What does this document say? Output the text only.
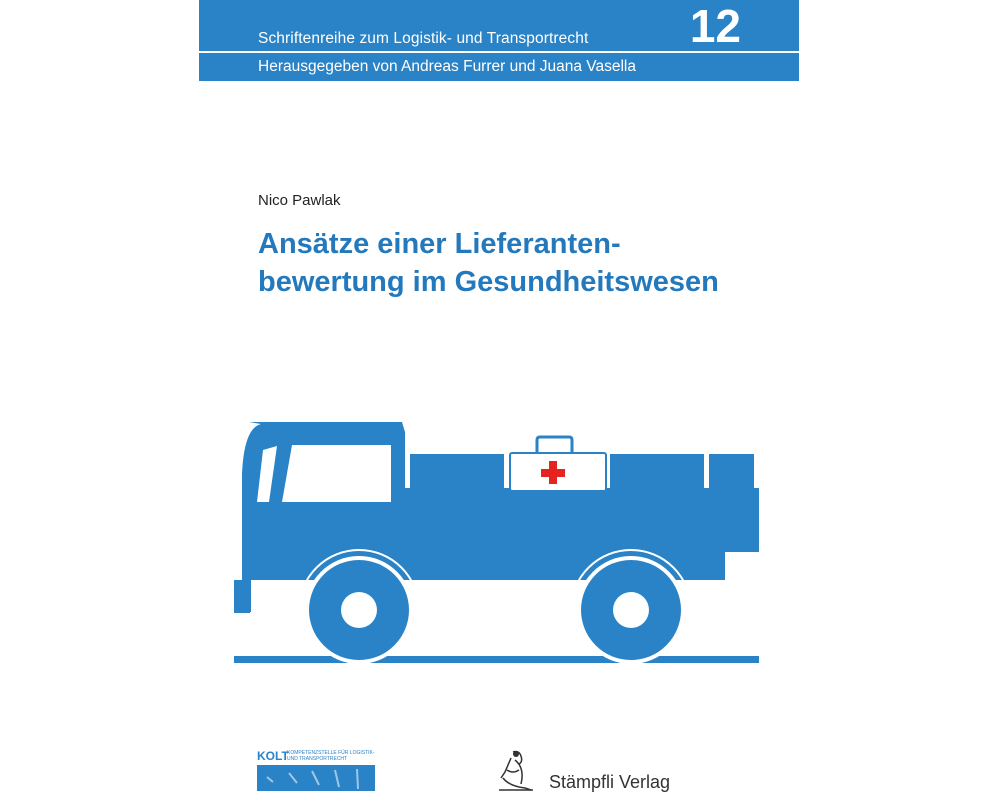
Schriftenreihe zum Logistik- und Transportrecht 12
Herausgegeben von Andreas Furrer und Juana Vasella
Nico Pawlak
Ansätze einer Lieferanten-
bewertung im Gesundheitswesen
KOLT
KOMPETENZSTELLE FÜR LOGISTIK- UND TRANSPORTRECHT
Stämpfli Verlag
